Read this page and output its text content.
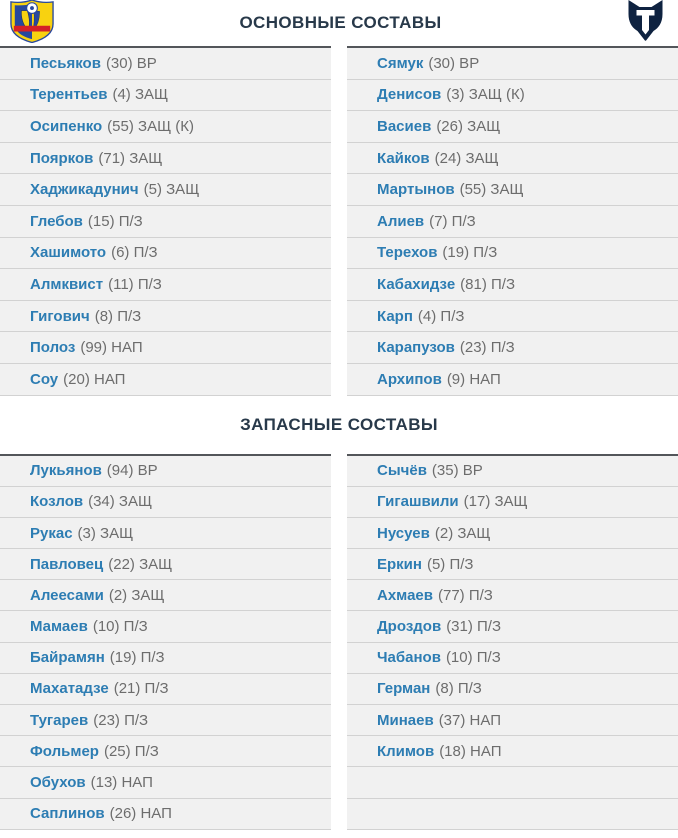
ОСНОВНЫЕ СОСТАВЫ
Песьяков (30) ВР
Терентьев (4) ЗАЩ
Осипенко (55) ЗАЩ (К)
Поярков (71) ЗАЩ
Хаджикадунич (5) ЗАЩ
Глебов (15) П/З
Хашимото (6) П/З
Алмквист (11) П/З
Гигович (8) П/З
Полоз (99) НАП
Соу (20) НАП
Сямук (30) ВР
Денисов (3) ЗАЩ (К)
Васиев (26) ЗАЩ
Кайков (24) ЗАЩ
Мартынов (55) ЗАЩ
Алиев (7) П/З
Терехов (19) П/З
Кабахидзе (81) П/З
Карп (4) П/З
Карапузов (23) П/З
Архипов (9) НАП
ЗАПАСНЫЕ СОСТАВЫ
Лукьянов (94) ВР
Козлов (34) ЗАЩ
Рукас (3) ЗАЩ
Павловец (22) ЗАЩ
Алеесами (2) ЗАЩ
Мамаев (10) П/З
Байрамян (19) П/З
Махатадзе (21) П/З
Тугарев (23) П/З
Фольмер (25) П/З
Обухов (13) НАП
Саплинов (26) НАП
Сычёв (35) ВР
Гигашвили (17) ЗАЩ
Нусуев (2) ЗАЩ
Еркин (5) П/З
Ахмаев (77) П/З
Дроздов (31) П/З
Чабанов (10) П/З
Герман (8) П/З
Минаев (37) НАП
Климов (18) НАП
